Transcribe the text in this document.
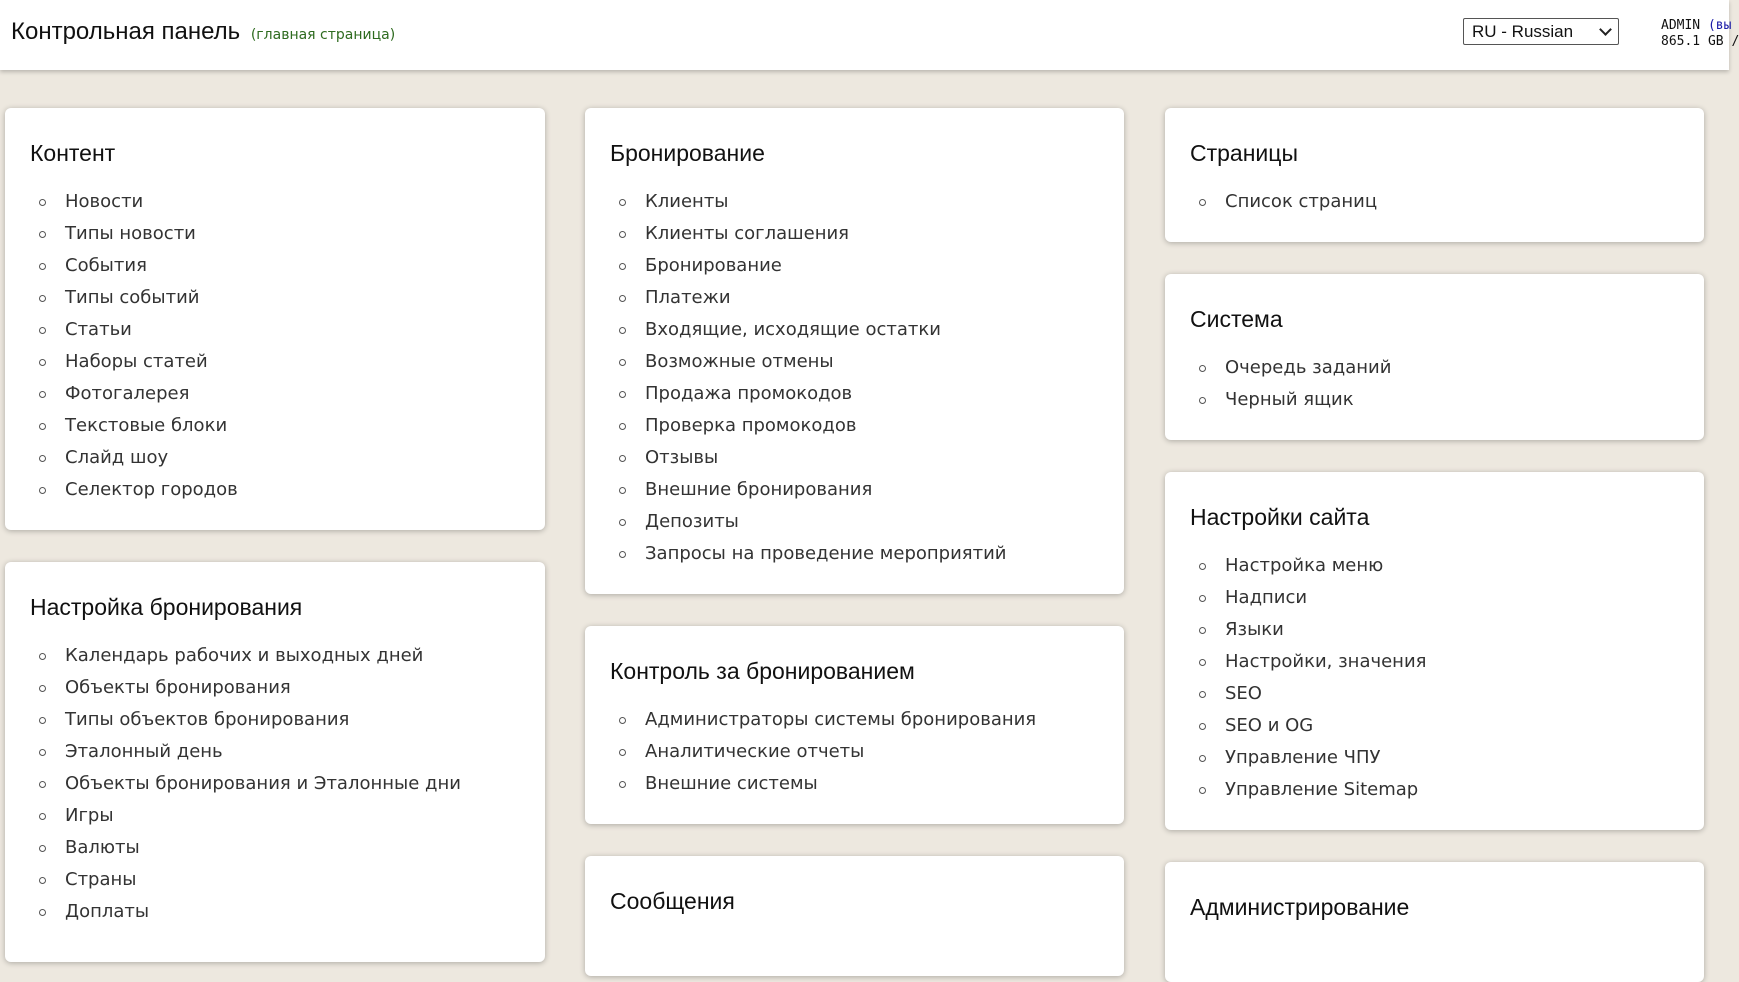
Контрольная панель (главная страница)	RU - Russian	ADMIN (вы
865.1 GB /
Контент
Новости
Типы новости
События
Типы событий
Статьи
Наборы статей
Фотогалерея
Текстовые блоки
Слайд шоу
Селектор городов
Настройка бронирования
Календарь рабочих и выходных дней
Объекты бронирования
Типы объектов бронирования
Эталонный день
Объекты бронирования и Эталонные дни
Игры
Валюты
Страны
Доплаты
Бронирование
Клиенты
Клиенты соглашения
Бронирование
Платежи
Входящие, исходящие остатки
Возможные отмены
Продажа промокодов
Проверка промокодов
Отзывы
Внешние бронирования
Депозиты
Запросы на проведение мероприятий
Контроль за бронированием
Администраторы системы бронирования
Аналитические отчеты
Внешние системы
Сообщения
Страницы
Список страниц
Система
Очередь заданий
Черный ящик
Настройки сайта
Настройка меню
Надписи
Языки
Настройки, значения
SEO
SEO и OG
Управление ЧПУ
Управление Sitemap
Администрирование
